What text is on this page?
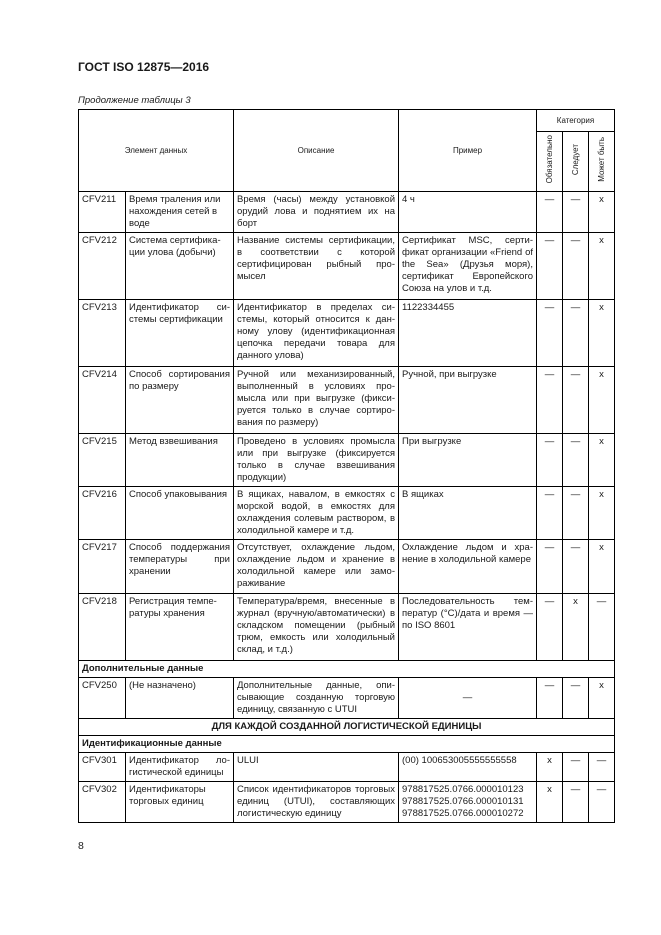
ГОСТ ISO 12875—2016
Продолжение таблицы 3
Элемент данных		Описание	Пример	Категория		
				Обязательно	Следует	Может быть
CFV211	Время траления или нахождения сетей в воде	Время (часы) между установкой орудий лова и поднятием их на борт	4 ч	—	—	x
CFV212	Система сертификации улова (добычи)	Название системы сертификации, в соответствии с которой сертифицирован рыбный промысел	Сертификат MSC, сертификат организации «Friend of the Sea» (Друзья моря), сертификат Европейского Союза на улов и т.д.	—	—	x
CFV213	Идентификатор системы сертификации	Идентификатор в пределах системы, который относится к данному улову (идентификационная цепочка передачи товара для данного улова)	1122334455	—	—	x
CFV214	Способ сортирования по размеру	Ручной или механизированный, выполненный в условиях промысла или при выгрузке (фиксируется только в случае сортирования по размеру)	Ручной, при выгрузке	—	—	x
CFV215	Метод взвешивания	Проведено в условиях промысла или при выгрузке (фиксируется только в случае взвешивания продукции)	При выгрузке	—	—	x
CFV216	Способ упаковывания	В ящиках, навалом, в емкостях с морской водой, в емкостях для охлаждения солевым раствором, в холодильной камере и т.д.	В ящиках	—	—	x
CFV217	Способ поддержания температуры при хранении	Отсутствует, охлаждение льдом, охлаждение льдом и хранение в холодильной камере или замораживание	Охлаждение льдом и хранение в холодильной камере	—	—	x
CFV218	Регистрация температуры хранения	Температура/время, внесенные в журнал (вручную/автоматически) в складском помещении (рыбный трюм, емкость или холодильный склад, и т.д.)	Последовательность температур (°С)/дата и время — по ISO 8601	—	x	—
Дополнительные данные						
CFV250	(Не назначено)	Дополнительные данные, описывающие созданную торговую единицу, связанную с UTUI	—	—	—	x
ДЛЯ КАЖДОЙ СОЗДАННОЙ ЛОГИСТИЧЕСКОЙ ЕДИНИЦЫ						
Идентификационные данные						
CFV301	Идентификатор логистической единицы	ULUI	(00) 100653005555555558	x	—	—
CFV302	Идентификаторы торговых единиц	Список идентификаторов торговых единиц (UTUI), составляющих логистическую единицу	978817525.0766.000010123 978817525.0766.000010131 978817525.0766.000010272	x	—	—
8
